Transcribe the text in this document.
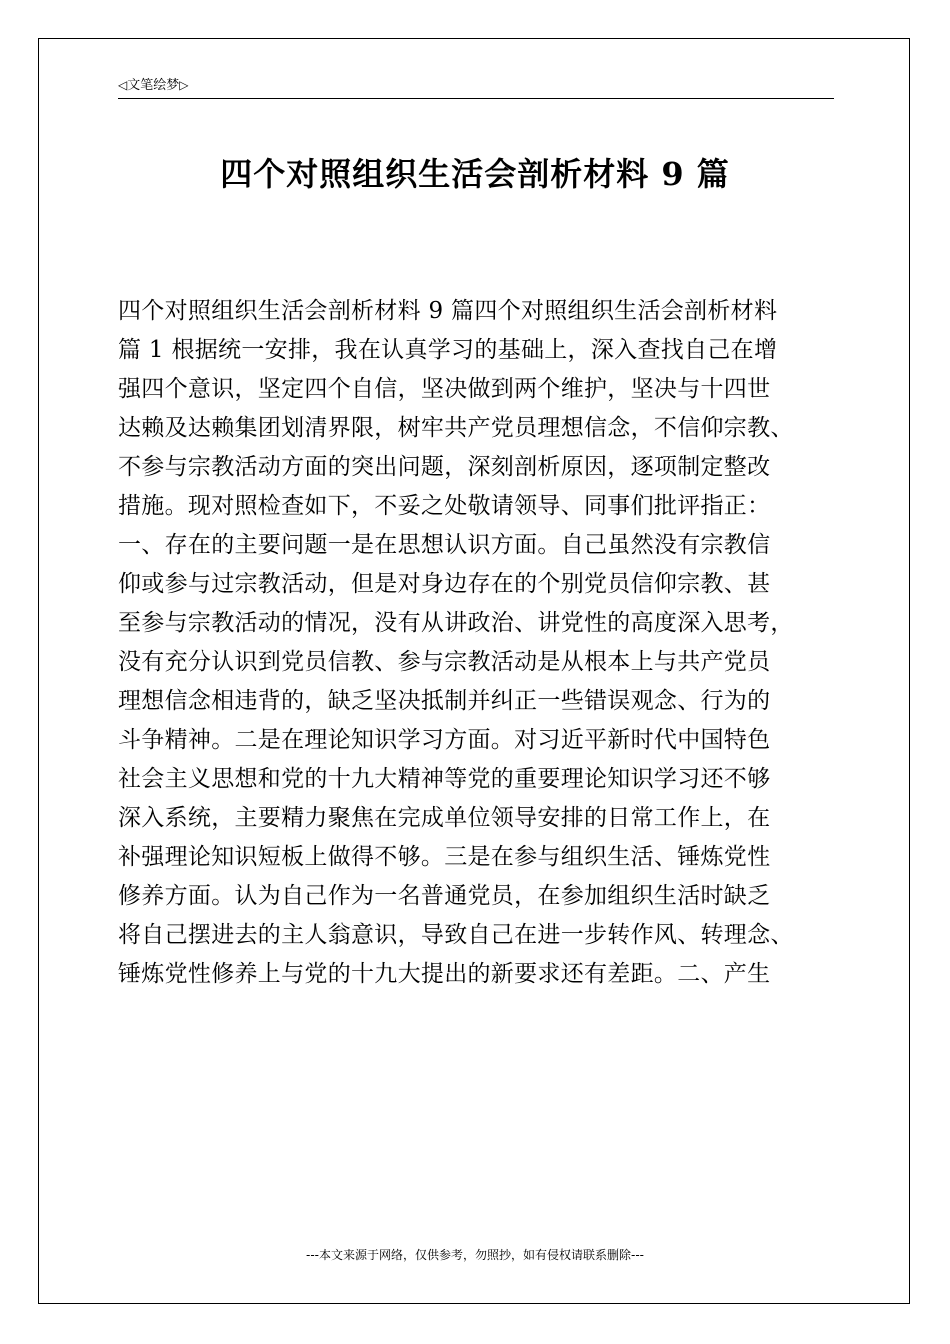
◁文笔绘梦▷
四个对照组织生活会剖析材料 9 篇
四个对照组织生活会剖析材料 9 篇四个对照组织生活会剖析材料
篇 1 根据统一安排，我在认真学习的基础上，深入查找自己在增
强四个意识，坚定四个自信，坚决做到两个维护，坚决与十四世
达赖及达赖集团划清界限，树牢共产党员理想信念，不信仰宗教、
不参与宗教活动方面的突出问题，深刻剖析原因，逐项制定整改
措施。现对照检查如下，不妥之处敬请领导、同事们批评指正：
一、存在的主要问题一是在思想认识方面。自己虽然没有宗教信
仰或参与过宗教活动，但是对身边存在的个别党员信仰宗教、甚
至参与宗教活动的情况，没有从讲政治、讲党性的高度深入思考，
没有充分认识到党员信教、参与宗教活动是从根本上与共产党员
理想信念相违背的，缺乏坚决抵制并纠正一些错误观念、行为的
斗争精神。二是在理论知识学习方面。对习近平新时代中国特色
社会主义思想和党的十九大精神等党的重要理论知识学习还不够
深入系统，主要精力聚焦在完成单位领导安排的日常工作上，在
补强理论知识短板上做得不够。三是在参与组织生活、锤炼党性
修养方面。认为自己作为一名普通党员，在参加组织生活时缺乏
将自己摆进去的主人翁意识，导致自己在进一步转作风、转理念、
锤炼党性修养上与党的十九大提出的新要求还有差距。二、产生
---本文来源于网络，仅供参考，勿照抄，如有侵权请联系删除---
